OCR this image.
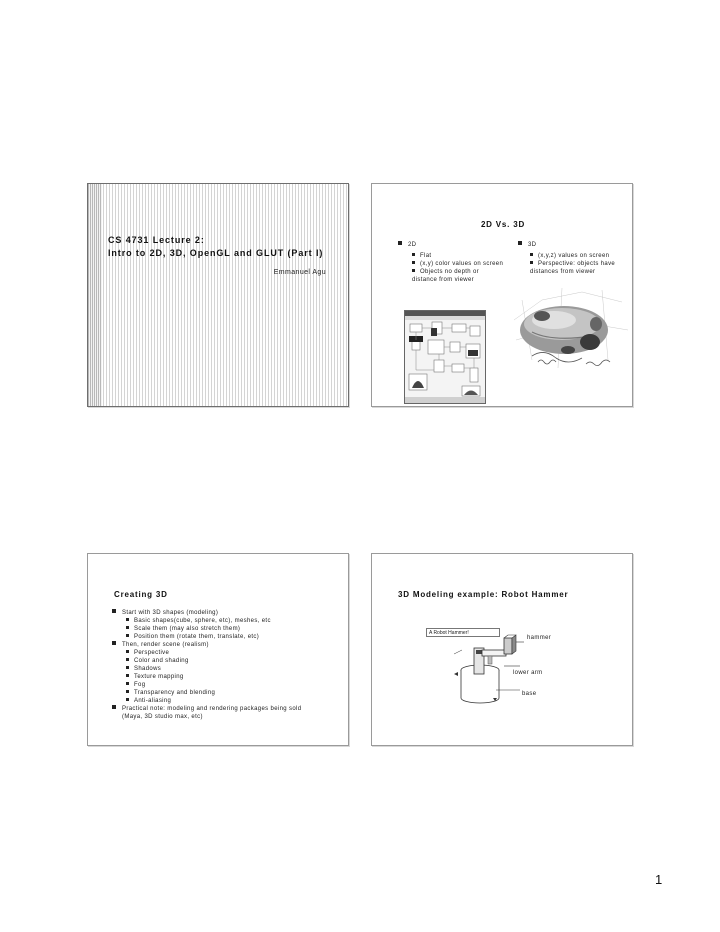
CS 4731 Lecture 2:
Intro to 2D, 3D, OpenGL and GLUT (Part I)
Emmanuel Agu
2D Vs. 3D
2D
Flat
(x,y) color values on screen
Objects no depth or distance from viewer
3D
(x,y,z) values on screen
Perspective: objects have distances from viewer
Creating 3D
Start with 3D shapes (modeling)
Basic shapes(cube, sphere, etc), meshes, etc
Scale them (may also stretch them)
Position them (rotate them, translate, etc)
Then, render scene (realism)
Perspective
Color and shading
Shadows
Texture mapping
Fog
Transparency and blending
Anti-aliasing
Practical note: modeling and rendering packages being sold
(Maya, 3D studio max, etc)
3D Modeling example: Robot Hammer
A Robot Hammer!
hammer
lower arm
base
1
